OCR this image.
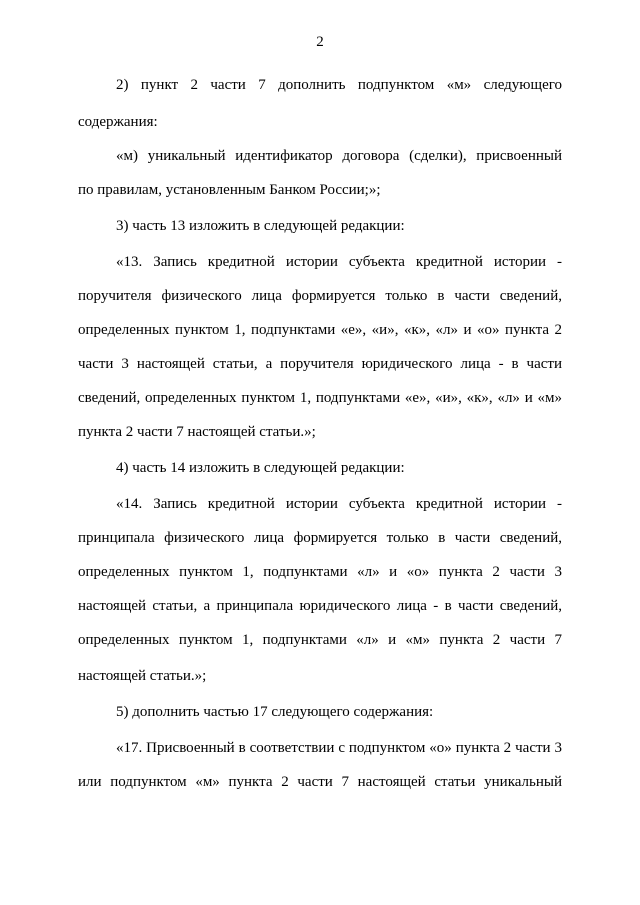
2
2) пункт 2 части 7 дополнить подпунктом «м» следующего
содержания:
«м) уникальный идентификатор договора (сделки), присвоенный
по правилам, установленным Банком России;»;
3) часть 13 изложить в следующей редакции:
«13. Запись кредитной истории субъекта кредитной истории -
поручителя физического лица формируется только в части сведений,
определенных пунктом 1, подпунктами «е», «и», «к», «л» и «о» пункта 2
части 3 настоящей статьи, а поручителя юридического лица - в части
сведений, определенных пунктом 1, подпунктами «е», «и», «к», «л» и «м»
пункта 2 части 7 настоящей статьи.»;
4) часть 14 изложить в следующей редакции:
«14. Запись кредитной истории субъекта кредитной истории -
принципала физического лица формируется только в части сведений,
определенных пунктом 1, подпунктами «л» и «о» пункта 2 части 3
настоящей статьи, а принципала юридического лица - в части сведений,
определенных пунктом 1, подпунктами «л» и «м» пункта 2 части 7
настоящей статьи.»;
5) дополнить частью 17 следующего содержания:
«17. Присвоенный в соответствии с подпунктом «о» пункта 2 части 3
или подпунктом «м» пункта 2 части 7 настоящей статьи уникальный
